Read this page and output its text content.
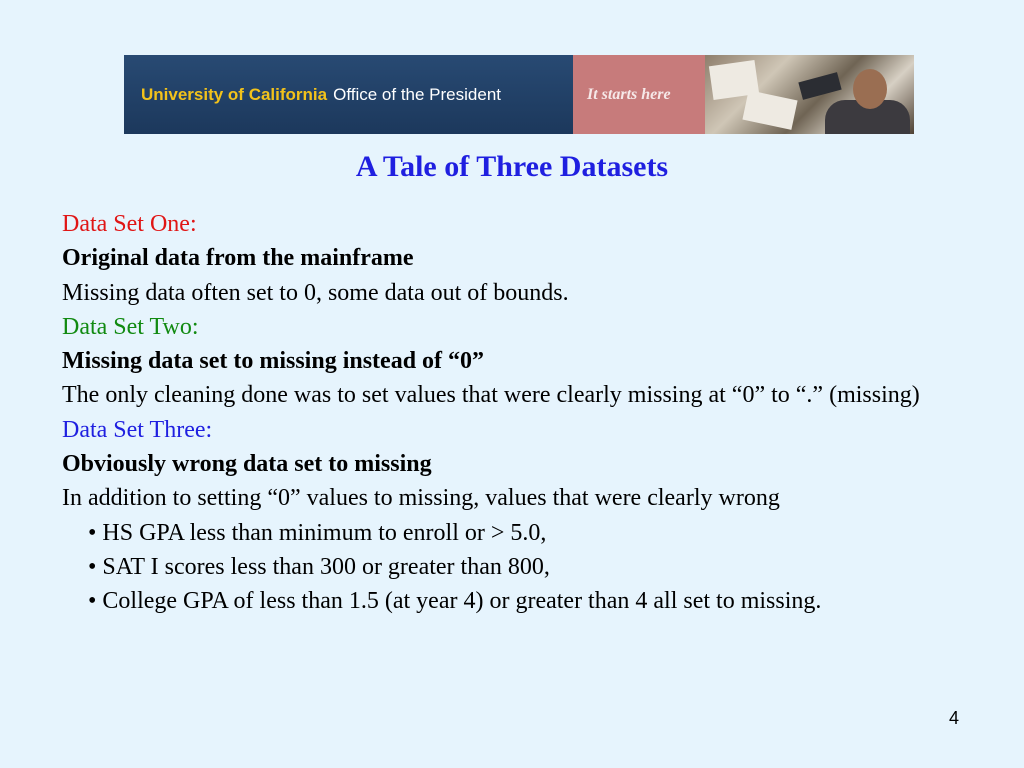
University of California Office of the President	It starts here
A Tale of Three Datasets

Data Set One:

Original data from the mainframe

Missing data often set to 0, some data out of bounds.

Data Set Two:

Missing data set to missing instead of “0”

The only cleaning done was to set values that were clearly missing at “0” to “.” (missing)

Data Set Three:

Obviously wrong data set to missing

In addition to setting “0” values to missing, values that were clearly wrong

• HS GPA less than minimum to enroll or > 5.0,

• SAT I scores less than 300 or greater than 800,

• College GPA of less than 1.5 (at year 4) or greater than 4 all set to missing.

4
